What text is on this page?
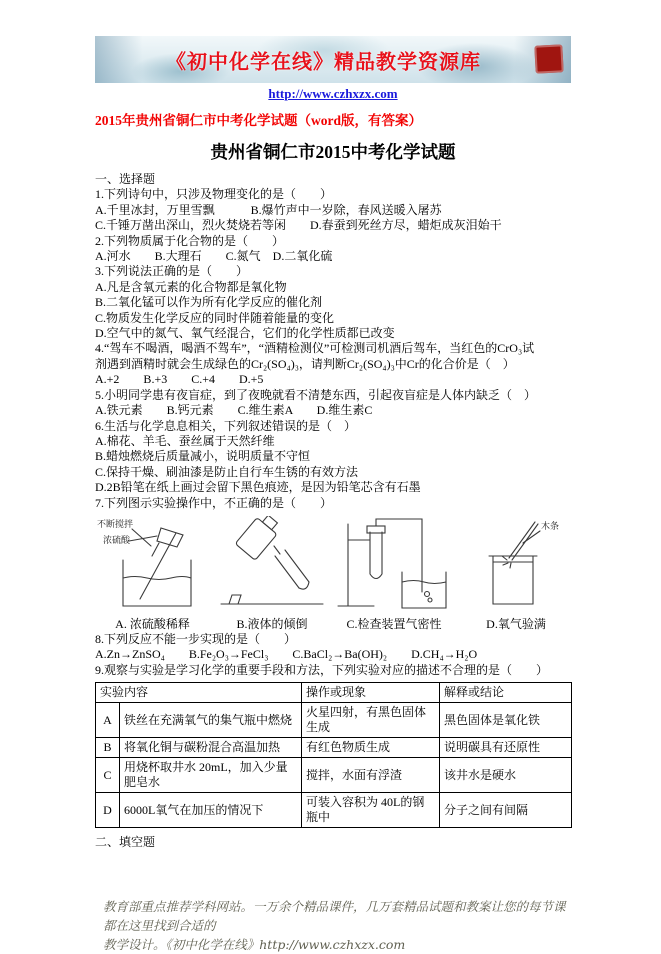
《初中化学在线》精品教学资源库
http://www.czhxzx.com
2015年贵州省铜仁市中考化学试题（word版，有答案）
贵州省铜仁市2015中考化学试题

一、选择题

1.下列诗句中，只涉及物理变化的是（　　）

A.千里冰封，万里雪飘　　　B.爆竹声中一岁除，春风送暖入屠苏

C.千锤万凿出深山，烈火焚烧若等闲　　D.春蚕到死丝方尽，蜡炬成灰泪始干

2.下列物质属于化合物的是（　　）

A.河水　　B.大理石　　C.氮气　D.二氧化硫

3.下列说法正确的是（　　）

A.凡是含氧元素的化合物都是氧化物

B.二氧化锰可以作为所有化学反应的催化剂

C.物质发生化学反应的同时伴随着能量的变化

D.空气中的氮气、氧气经混合，它们的化学性质都已改变

4.“驾车不喝酒，喝酒不驾车”，“酒精检测仪”可检测司机酒后驾车，当红色的CrO₃试

剂遇到酒精时就会生成绿色的Cr₂(SO₄)₃，请判断Cr₂(SO₄)₃中Cr的化合价是（　）

A.+2　　B.+3　　C.+4　　D.+5

5.小明同学患有夜盲症，到了夜晚就看不清楚东西，引起夜盲症是人体内缺乏（　）

A.铁元素　　B.钙元素　　C.维生素A　　D.维生素C

6.生活与化学息息相关，下列叙述错误的是（　）

A.棉花、羊毛、蚕丝属于天然纤维

B.蜡烛燃烧后质量减小，说明质量不守恒

C.保持干燥、刷油漆是防止自行车生锈的有效方法

D.2B铅笔在纸上画过会留下黑色痕迹，是因为铅笔芯含有石墨

7.下列图示实验操作中，不正确的是（　　）

不断搅拌
浓硫酸
A. 浓硫酸稀释	B.液体的倾倒	C.检查装置气密性
木条
D.氧气验满

8.下列反应不能一步实现的是（　　）

A.Zn→ZnSO₄　　B.Fe₂O₃→FeCl₃　　C.BaCl₂→Ba(OH)₂　　D.CH₄→H₂O

9.观察与实验是学习化学的重要手段和方法，下列实验对应的描述不合理的是（　　）

实验内容		操作或现象	解释或结论
A	铁丝在充满氧气的集气瓶中燃烧	火星四射，有黑色固体生成	黑色固体是氧化铁
B	将氧化铜与碳粉混合高温加热	有红色物质生成	说明碳具有还原性
C	用烧杯取井水 20mL，加入少量肥皂水	搅拌，水面有浮渣	该井水是硬水
D	6000L氧气在加压的情况下	可装入容积为 40L的钢瓶中	分子之间有间隔

二、填空题

教育部重点推荐学科网站。一万余个精品课件，几万套精品试题和教案让您的每节课都在这里找到合适的
教学设计。《初中化学在线》http://www.czhxzx.com
